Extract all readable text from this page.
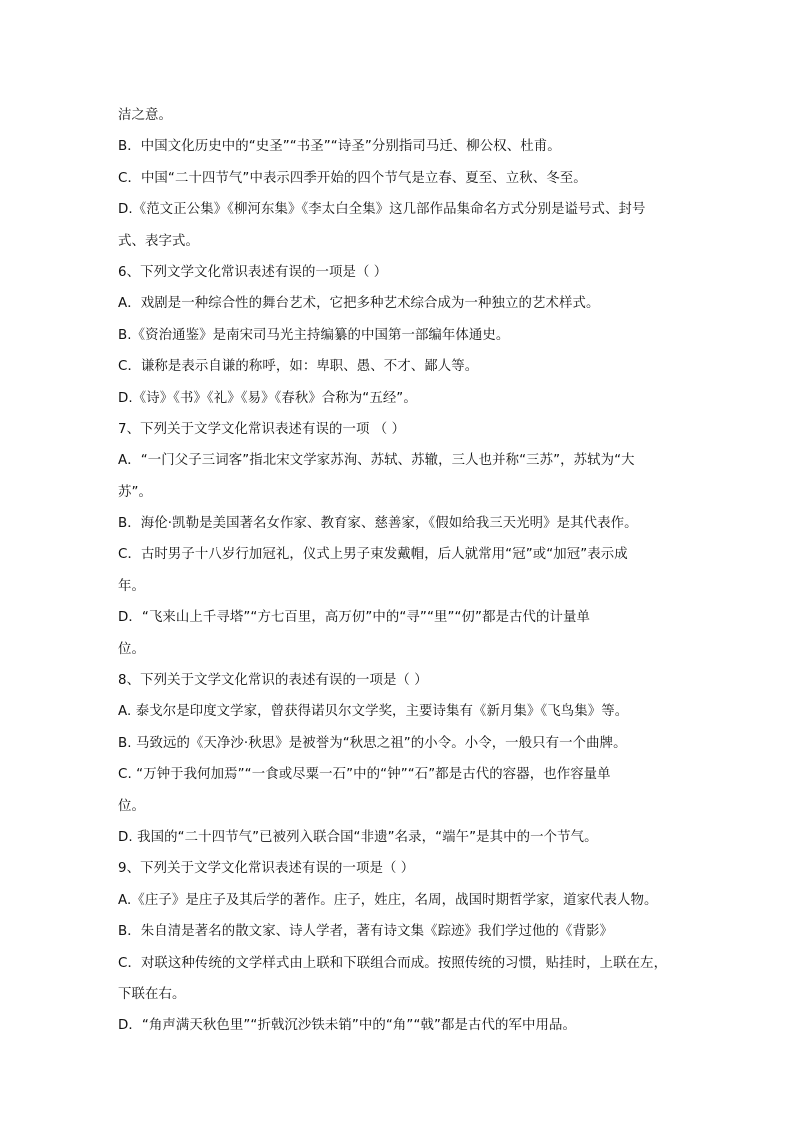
洁之意。
B．中国文化历史中的“史圣”“书圣”“诗圣”分别指司马迁、柳公权、杜甫。
C．中国“二十四节气”中表示四季开始的四个节气是立春、夏至、立秋、冬至。
D.《范文正公集》《柳河东集》《李太白全集》这几部作品集命名方式分别是谥号式、封号
式、表字式。
6、下列文学文化常识表述有误的一项是（ ）
A．戏剧是一种综合性的舞台艺术，它把多种艺术综合成为一种独立的艺术样式。
B.《资治通鉴》是南宋司马光主持编纂的中国第一部编年体通史。
C．谦称是表示自谦的称呼，如：卑职、愚、不才、鄙人等。
D.《诗》《书》《礼》《易》《春秋》合称为“五经”。
7、下列关于文学文化常识表述有误的一项 （ ）
A．“一门父子三词客”指北宋文学家苏洵、苏轼、苏辙，三人也并称“三苏”，苏轼为“大
苏”。
B．海伦·凯勒是美国著名女作家、教育家、慈善家，《假如给我三天光明》是其代表作。
C．古时男子十八岁行加冠礼，仪式上男子束发戴帽，后人就常用“冠”或“加冠”表示成
年。
D．“飞来山上千寻塔”“方七百里，高万仞”中的“寻”“里”“仞”都是古代的计量单
位。
8、下列关于文学文化常识的表述有误的一项是（ ）
A. 泰戈尔是印度文学家，曾获得诺贝尔文学奖，主要诗集有《新月集》《飞鸟集》等。
B. 马致远的《天净沙·秋思》是被誉为“秋思之祖”的小令。小令，一般只有一个曲牌。
C. “万钟于我何加焉”“一食或尽粟一石”中的“钟”“石”都是古代的容器，也作容量单
位。
D. 我国的“二十四节气”已被列入联合国“非遗”名录，“端午”是其中的一个节气。
9、下列关于文学文化常识表述有误的一项是（ ）
A.《庄子》是庄子及其后学的著作。庄子，姓庄，名周，战国时期哲学家，道家代表人物。
B．朱自清是著名的散文家、诗人学者，著有诗文集《踪迹》我们学过他的《背影》
C．对联这种传统的文学样式由上联和下联组合而成。按照传统的习惯，贴挂时，上联在左，
下联在右。
D．“角声满天秋色里”“折戟沉沙铁未销”中的“角”“戟”都是古代的军中用品。
